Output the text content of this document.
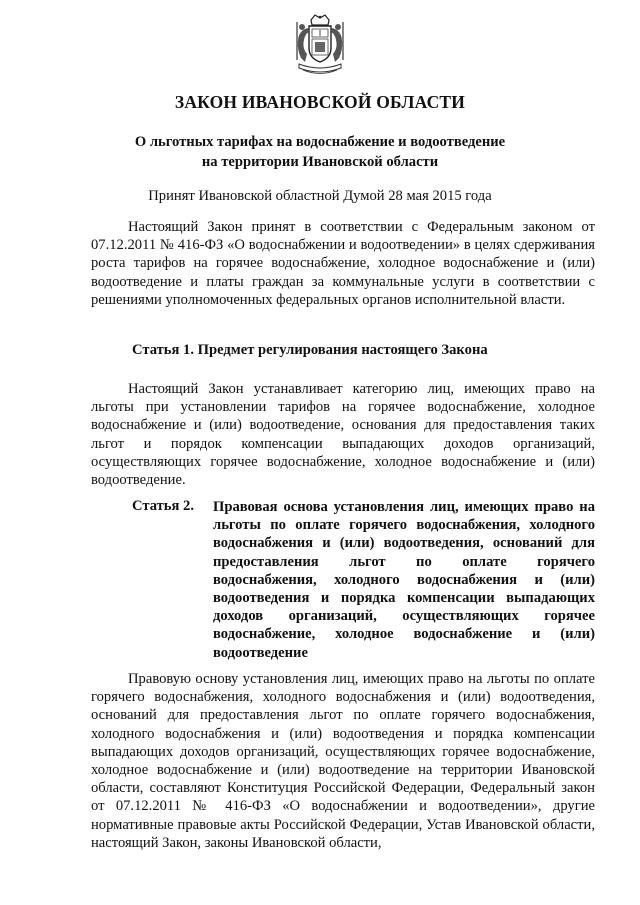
ЗАКОН ИВАНОВСКОЙ ОБЛАСТИ
О льготных тарифах на водоснабжение и водоотведение
на территории Ивановской области
Принят Ивановской областной Думой 28 мая 2015 года
Настоящий Закон принят в соответствии с Федеральным законом от 07.12.2011 № 416-ФЗ «О водоснабжении и водоотведении» в целях сдерживания роста тарифов на горячее водоснабжение, холодное водоснабжение и (или) водоотведение и платы граждан за коммунальные услуги в соответствии с решениями уполномоченных федеральных органов исполнительной власти.
Статья 1. Предмет регулирования настоящего Закона
Настоящий Закон устанавливает категорию лиц, имеющих право на льготы при установлении тарифов на горячее водоснабжение, холодное водоснабжение и (или) водоотведение, основания для предоставления таких льгот и порядок компенсации выпадающих доходов организаций, осуществляющих горячее водоснабжение, холодное водоснабжение и (или) водоотведение.
Статья 2. Правовая основа установления лиц, имеющих право на льготы по оплате горячего водоснабжения, холодного водоснабжения и (или) водоотведения, оснований для предоставления льгот по оплате горячего водоснабжения, холодного водоснабжения и (или) водоотведения и порядка компенсации выпадающих доходов организаций, осуществляющих горячее водоснабжение, холодное водоснабжение и (или) водоотведение
Правовую основу установления лиц, имеющих право на льготы по оплате горячего водоснабжения, холодного водоснабжения и (или) водоотведения, оснований для предоставления льгот по оплате горячего водоснабжения, холодного водоснабжения и (или) водоотведения и порядка компенсации выпадающих доходов организаций, осуществляющих горячее водоснабжение, холодное водоснабжение и (или) водоотведение на территории Ивановской области, составляют Конституция Российской Федерации, Федеральный закон от 07.12.2011 № 416-ФЗ «О водоснабжении и водоотведении», другие нормативные правовые акты Российской Федерации, Устав Ивановской области, настоящий Закон, законы Ивановской области,
